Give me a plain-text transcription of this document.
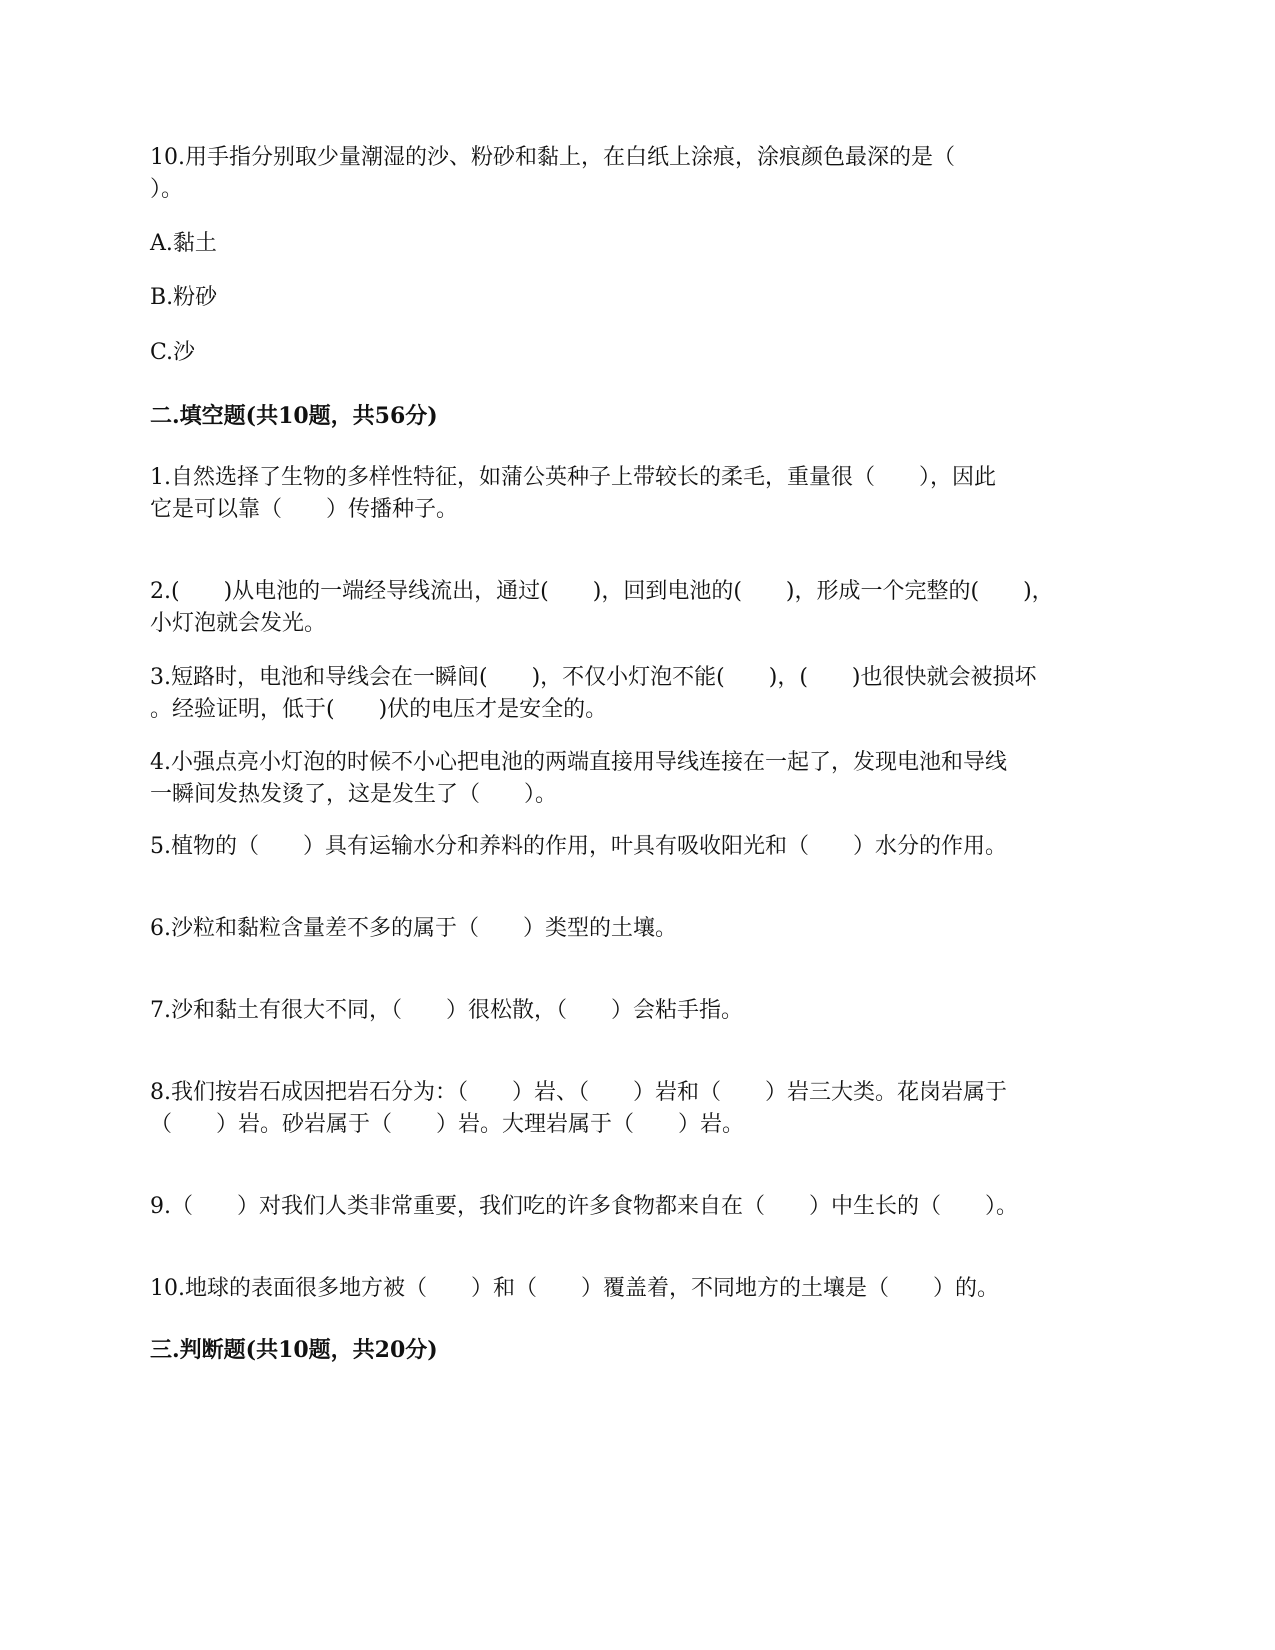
10.用手指分别取少量潮湿的沙、粉砂和黏上，在白纸上涂痕，涂痕颜色最深的是（
）。
A.黏土
B.粉砂
C.沙
二.填空题(共10题，共56分)
1.自然选择了生物的多样性特征，如蒲公英种子上带较长的柔毛，重量很（　　），因此
它是可以靠（　　）传播种子。
2.(　　)从电池的一端经导线流出，通过(　　)，回到电池的(　　)，形成一个完整的(　　)，
小灯泡就会发光。
3.短路时，电池和导线会在一瞬间(　　)，不仅小灯泡不能(　　)，(　　)也很快就会被损坏
。经验证明，低于(　　)伏的电压才是安全的。
4.小强点亮小灯泡的时候不小心把电池的两端直接用导线连接在一起了，发现电池和导线
一瞬间发热发烫了，这是发生了（　　）。
5.植物的（　　）具有运输水分和养料的作用，叶具有吸收阳光和（　　）水分的作用。
6.沙粒和黏粒含量差不多的属于（　　）类型的土壤。
7.沙和黏土有很大不同，（　　）很松散，（　　）会粘手指。
8.我们按岩石成因把岩石分为：（　　）岩、（　　）岩和（　　）岩三大类。花岗岩属于
（　　）岩。砂岩属于（　　）岩。大理岩属于（　　）岩。
9.（　　）对我们人类非常重要，我们吃的许多食物都来自在（　　）中生长的（　　）。
10.地球的表面很多地方被（　　）和（　　）覆盖着，不同地方的土壤是（　　）的。
三.判断题(共10题，共20分)
